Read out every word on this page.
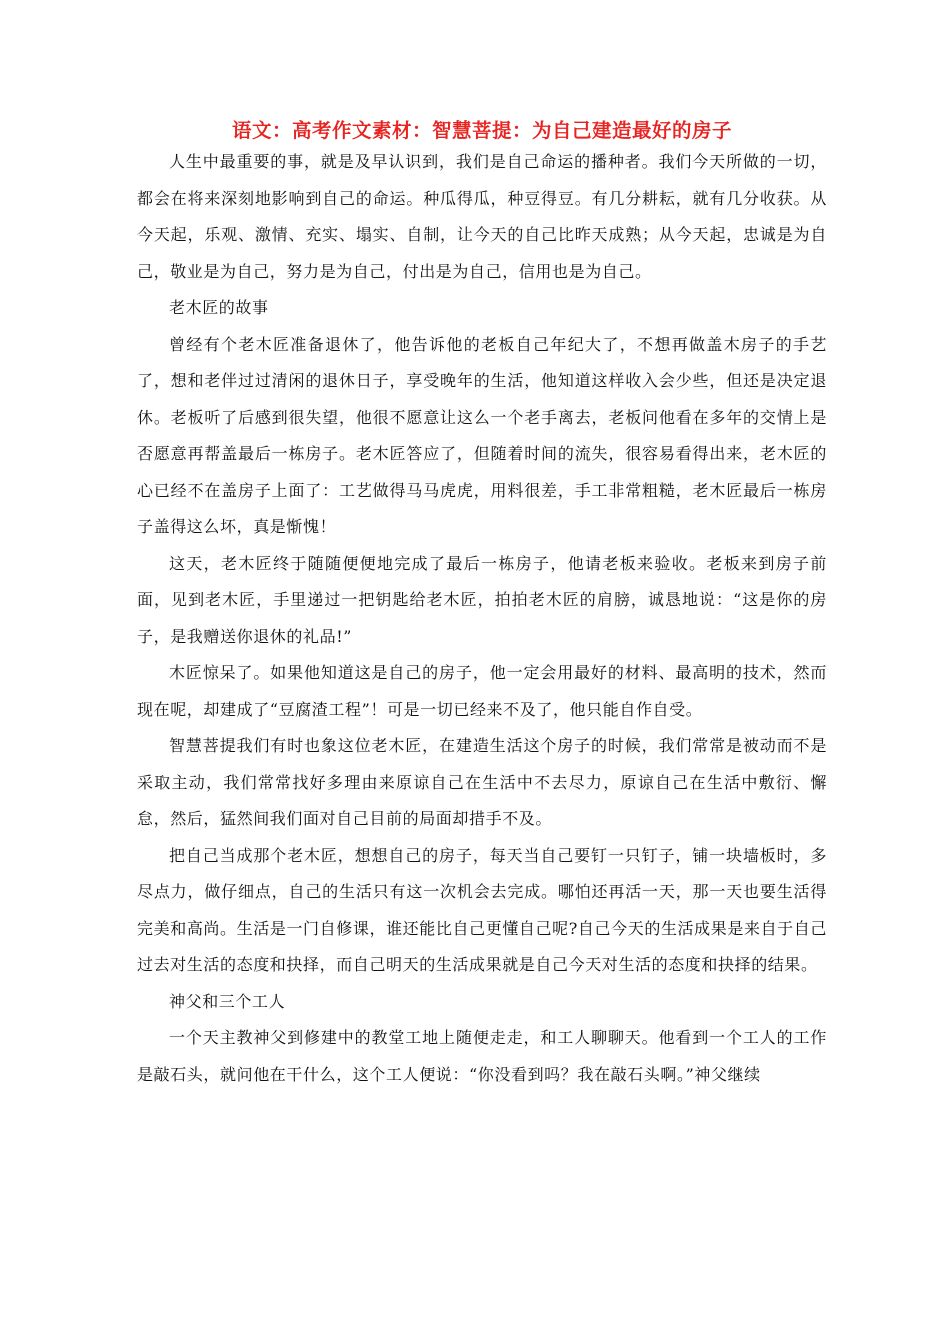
语文：高考作文素材：智慧菩提：为自己建造最好的房子

人生中最重要的事，就是及早认识到，我们是自己命运的播种者。我们今天所做的一切，都会在将来深刻地影响到自己的命运。种瓜得瓜，种豆得豆。有几分耕耘，就有几分收获。从今天起，乐观、激情、充实、塌实、自制，让今天的自己比昨天成熟；从今天起，忠诚是为自己，敬业是为自己，努力是为自己，付出是为自己，信用也是为自己。

老木匠的故事

曾经有个老木匠准备退休了，他告诉他的老板自己年纪大了，不想再做盖木房子的手艺了，想和老伴过过清闲的退休日子，享受晚年的生活，他知道这样收入会少些，但还是决定退休。老板听了后感到很失望，他很不愿意让这么一个老手离去，老板问他看在多年的交情上是否愿意再帮盖最后一栋房子。老木匠答应了，但随着时间的流失，很容易看得出来，老木匠的心已经不在盖房子上面了：工艺做得马马虎虎，用料很差，手工非常粗糙，老木匠最后一栋房子盖得这么坏，真是惭愧！

这天，老木匠终于随随便便地完成了最后一栋房子，他请老板来验收。老板来到房子前面，见到老木匠，手里递过一把钥匙给老木匠，拍拍老木匠的肩膀，诚恳地说：“这是你的房子，是我赠送你退休的礼品!”

木匠惊呆了。如果他知道这是自己的房子，他一定会用最好的材料、最高明的技术，然而现在呢，却建成了“豆腐渣工程”！可是一切已经来不及了，他只能自作自受。

智慧菩提我们有时也象这位老木匠，在建造生活这个房子的时候，我们常常是被动而不是采取主动，我们常常找好多理由来原谅自己在生活中不去尽力，原谅自己在生活中敷衍、懈怠，然后，猛然间我们面对自己目前的局面却措手不及。

把自己当成那个老木匠，想想自己的房子，每天当自己要钉一只钉子，铺一块墙板时，多尽点力，做仔细点，自己的生活只有这一次机会去完成。哪怕还再活一天，那一天也要生活得完美和高尚。生活是一门自修课，谁还能比自己更懂自己呢?自己今天的生活成果是来自于自己过去对生活的态度和抉择，而自己明天的生活成果就是自己今天对生活的态度和抉择的结果。

神父和三个工人

一个天主教神父到修建中的教堂工地上随便走走，和工人聊聊天。他看到一个工人的工作是敲石头，就问他在干什么，这个工人便说：“你没看到吗？我在敲石头啊。”神父继续
